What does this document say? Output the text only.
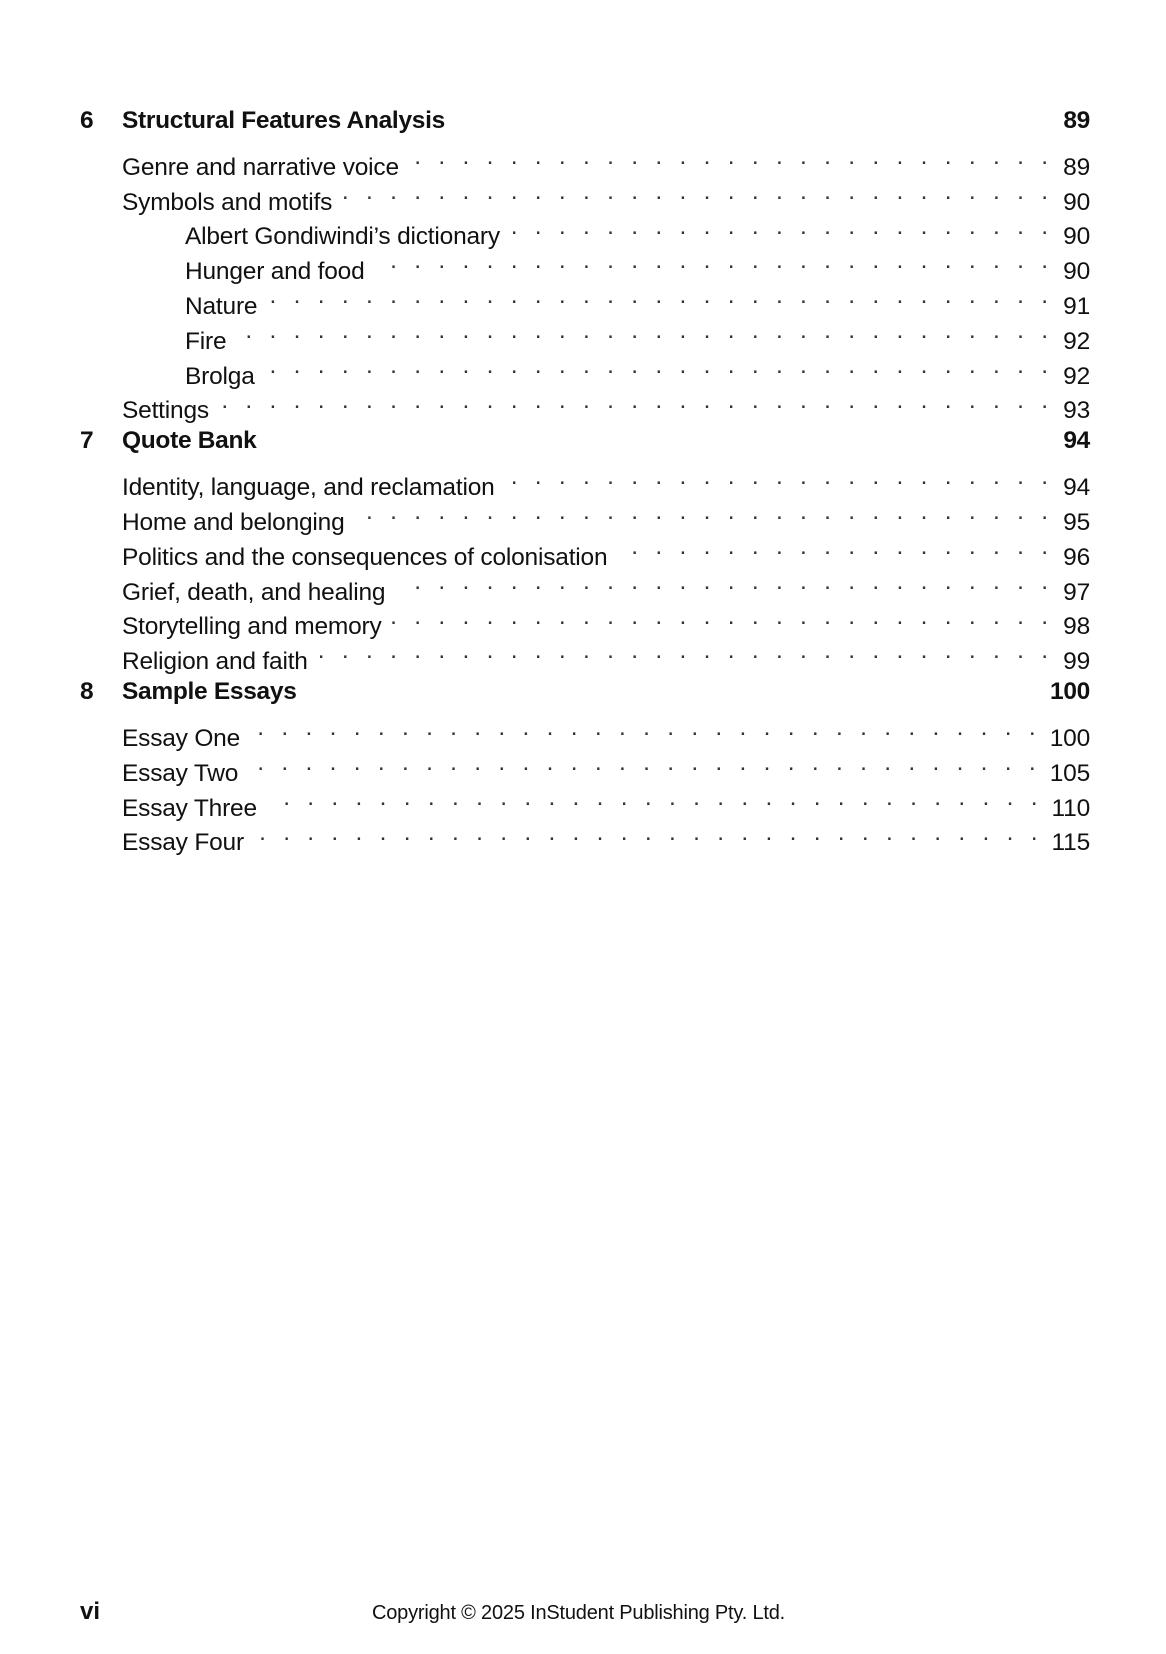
6	Structural Features Analysis	89
Genre and narrative voice . . .	89
Symbols and motifs . . .	90
Albert Gondiwindi’s dictionary . . .	90
Hunger and food . . .	90
Nature . . .	91
Fire . . .	92
Brolga . . .	92
Settings . . .	93
7	Quote Bank	94
Identity, language, and reclamation . . .	94
Home and belonging . . .	95
Politics and the consequences of colonisation . . .	96
Grief, death, and healing . . .	97
Storytelling and memory . . .	98
Religion and faith . . .	99
8	Sample Essays	100
Essay One . . .	100
Essay Two . . .	105
Essay Three . . .	110
Essay Four . . .	115
vi	Copyright © 2025 InStudent Publishing Pty. Ltd.
